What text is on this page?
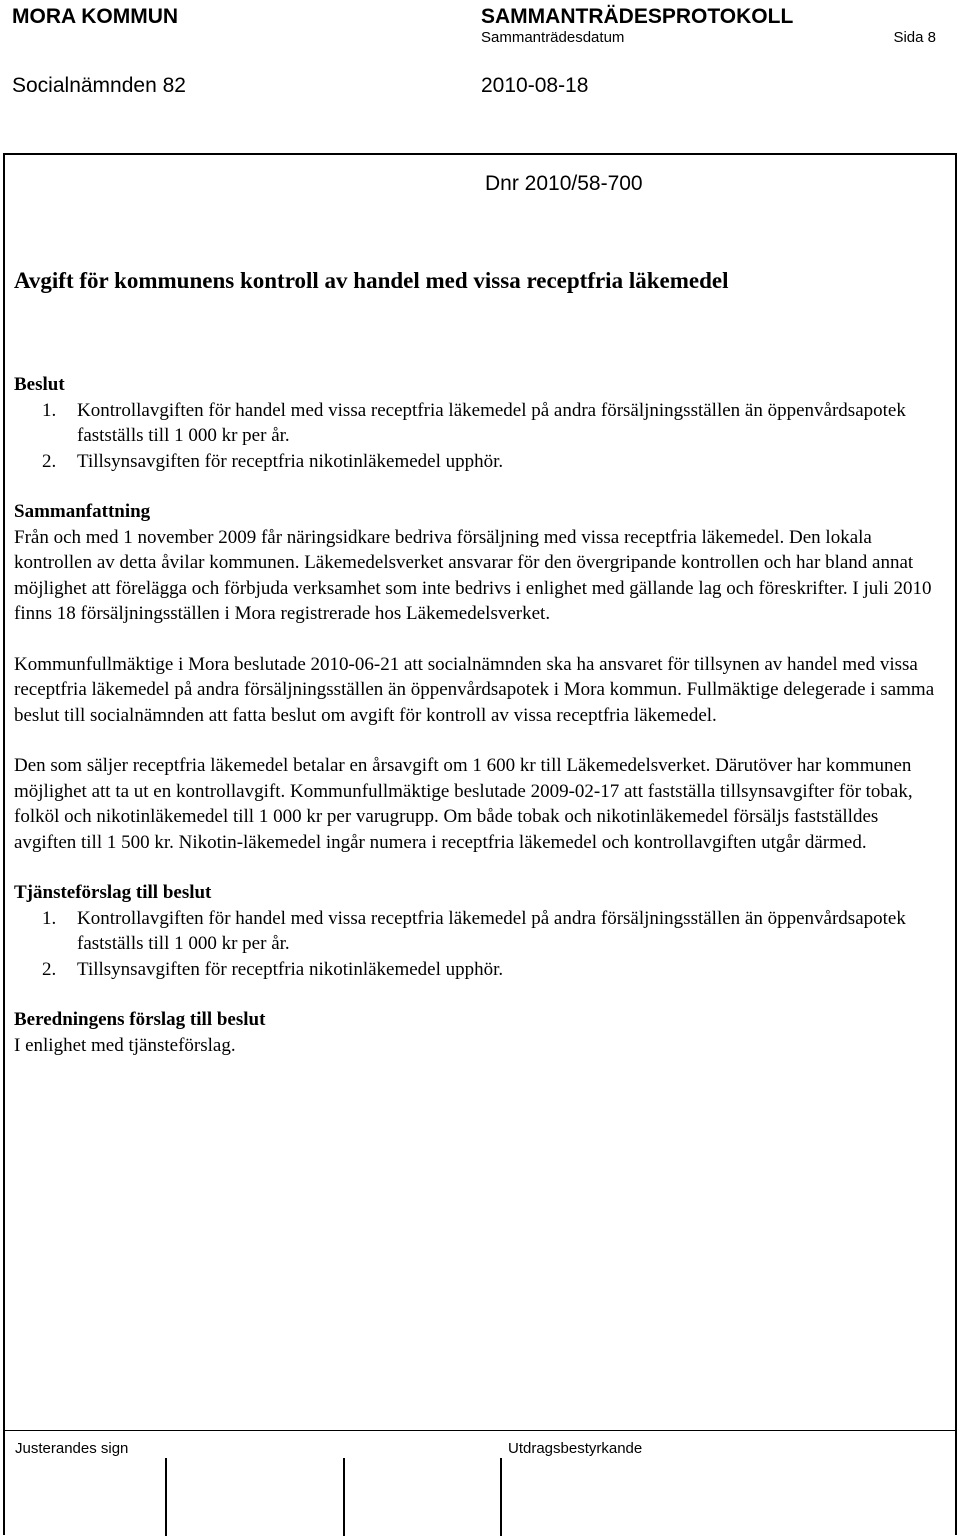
MORA KOMMUN	SAMMANTRÄDESPROTOKOLL
Sammanträdesdatum	Sida 8
Socialnämnden 82	2010-08-18
Dnr 2010/58-700
Avgift för kommunens kontroll av handel med vissa receptfria läkemedel

Beslut

1. Kontrollavgiften för handel med vissa receptfria läkemedel på andra försäljningsställen än öppenvårdsapotek fastställs till 1 000 kr per år.
2. Tillsynsavgiften för receptfria nikotinläkemedel upphör.

Sammanfattning

Från och med 1 november 2009 får näringsidkare bedriva försäljning med vissa receptfria läkemedel. Den lokala kontrollen av detta åvilar kommunen. Läkemedelsverket ansvarar för den övergripande kontrollen och har bland annat möjlighet att förelägga och förbjuda verksamhet som inte bedrivs i enlighet med gällande lag och föreskrifter. I juli 2010 finns 18 försäljningsställen i Mora registrerade hos Läkemedelsverket.

Kommunfullmäktige i Mora beslutade 2010-06-21 att socialnämnden ska ha ansvaret för tillsynen av handel med vissa receptfria läkemedel på andra försäljningsställen än öppenvårdsapotek i Mora kommun. Fullmäktige delegerade i samma beslut till socialnämnden att fatta beslut om avgift för kontroll av vissa receptfria läkemedel.

Den som säljer receptfria läkemedel betalar en årsavgift om 1 600 kr till Läkemedelsverket. Därutöver har kommunen möjlighet att ta ut en kontrollavgift. Kommunfullmäktige beslutade 2009-02-17 att fastställa tillsynsavgifter för tobak, folköl och nikotinläkemedel till 1 000 kr per varugrupp. Om både tobak och nikotinläkemedel försäljs fastställdes avgiften till 1 500 kr. Nikotin-läkemedel ingår numera i receptfria läkemedel och kontrollavgiften utgår därmed.

Tjänsteförslag till beslut

1. Kontrollavgiften för handel med vissa receptfria läkemedel på andra försäljningsställen än öppenvårdsapotek fastställs till 1 000 kr per år.
2. Tillsynsavgiften för receptfria nikotinläkemedel upphör.

Beredningens förslag till beslut

I enlighet med tjänsteförslag.

Justerandes sign	Utdragsbestyrkande
